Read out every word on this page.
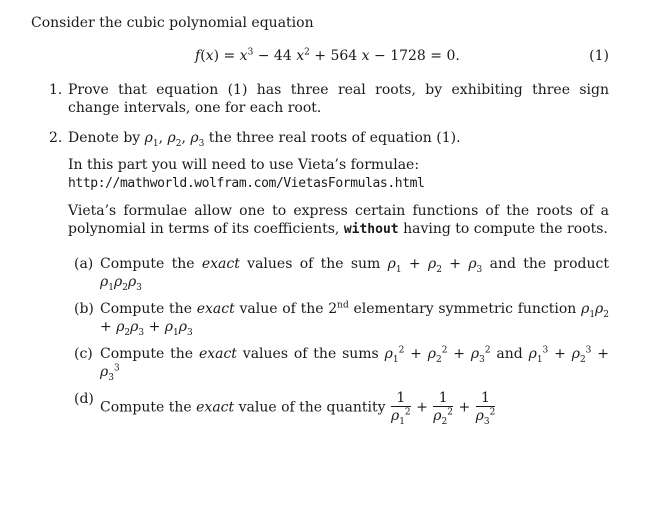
Consider the cubic polynomial equation

$f(x) = x^3 - 44$ $x^2 + 564$ x − 1728 = 0.	(1)
1. Prove that equation (1) has three real roots, by exhibiting three sign change intervals, one for each root.
2. Denote by $\rho_1$, $\rho_2$, $\rho_3$ the three real roots of equation (1).
In this part you will need to use Vieta’s formulae:
http://mathworld.wolfram.com/VietasFormulas.html
Vieta’s formulae allow one to express certain functions of the roots of a polynomial in terms of its coefficients, without having to compute the roots.
(a) Compute the exact values of the sum $\rho_1 + \rho_2 + \rho_3$ and the product $\rho_1\rho_2\rho_3$
(b) Compute the exact value of the 2nd elementary symmetric function $\rho_1\rho_2 + \rho_2\rho_3 + \rho_1\rho_3$
(c) Compute the exact values of the sums $\rho_1^2 + \rho_2^2 + \rho_3^2$ and $\rho_1^3 + \rho_2^3 + \rho_3^3$
(d)
Compute the exact value of the quantity $\frac{1}{\rho_1^2} + \frac{1}{\rho_2^2} + \frac{1}{\rho_3^2}$
